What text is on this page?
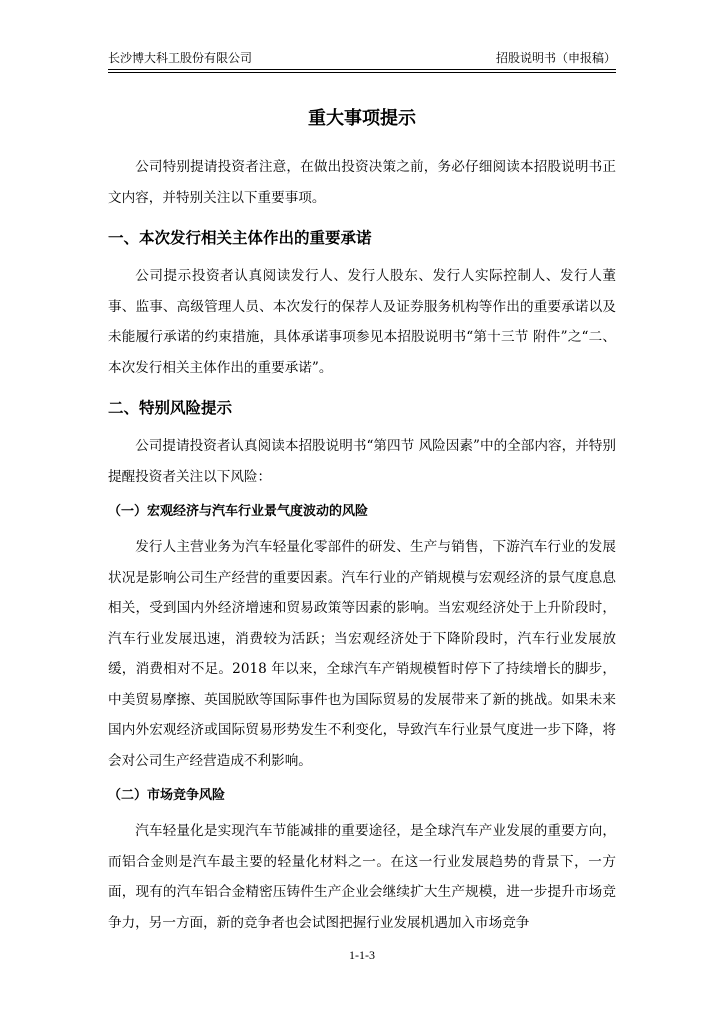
长沙博大科工股份有限公司	招股说明书（申报稿）
重大事项提示

公司特别提请投资者注意，在做出投资决策之前，务必仔细阅读本招股说明书正文内容，并特别关注以下重要事项。

一、本次发行相关主体作出的重要承诺

公司提示投资者认真阅读发行人、发行人股东、发行人实际控制人、发行人董事、监事、高级管理人员、本次发行的保荐人及证券服务机构等作出的重要承诺以及未能履行承诺的约束措施，具体承诺事项参见本招股说明书“第十三节 附件”之“二、本次发行相关主体作出的重要承诺”。

二、特别风险提示

公司提请投资者认真阅读本招股说明书“第四节 风险因素”中的全部内容，并特别提醒投资者关注以下风险：

（一）宏观经济与汽车行业景气度波动的风险

发行人主营业务为汽车轻量化零部件的研发、生产与销售，下游汽车行业的发展状况是影响公司生产经营的重要因素。汽车行业的产销规模与宏观经济的景气度息息相关，受到国内外经济增速和贸易政策等因素的影响。当宏观经济处于上升阶段时，汽车行业发展迅速，消费较为活跃；当宏观经济处于下降阶段时，汽车行业发展放缓，消费相对不足。2018 年以来，全球汽车产销规模暂时停下了持续增长的脚步，中美贸易摩擦、英国脱欧等国际事件也为国际贸易的发展带来了新的挑战。如果未来国内外宏观经济或国际贸易形势发生不利变化，导致汽车行业景气度进一步下降，将会对公司生产经营造成不利影响。

（二）市场竞争风险

汽车轻量化是实现汽车节能减排的重要途径，是全球汽车产业发展的重要方向，而铝合金则是汽车最主要的轻量化材料之一。在这一行业发展趋势的背景下，一方面，现有的汽车铝合金精密压铸件生产企业会继续扩大生产规模，进一步提升市场竞争力，另一方面，新的竞争者也会试图把握行业发展机遇加入市场竞争

1-1-3
